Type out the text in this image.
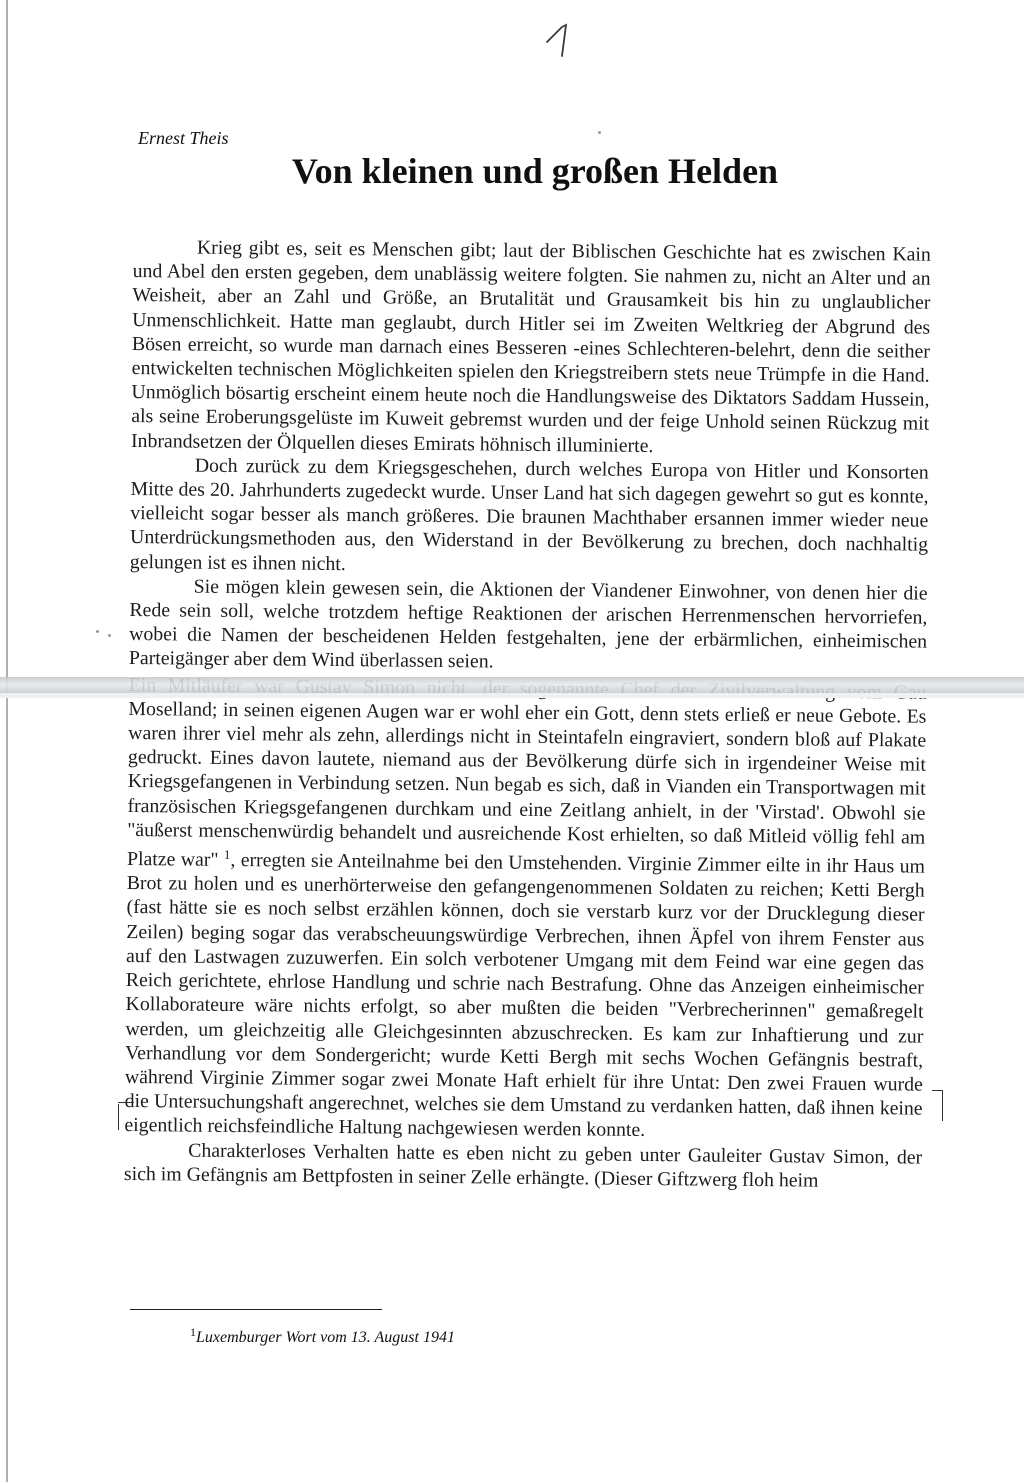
Ernest Theis
Von kleinen und großen Helden

Krieg gibt es, seit es Menschen gibt; laut der Biblischen Geschichte hat es zwischen Kain und Abel den ersten gegeben, dem unablässig weitere folgten. Sie nahmen zu, nicht an Alter und an Weisheit, aber an Zahl und Größe, an Brutalität und Grausamkeit bis hin zu unglaublicher Unmenschlichkeit. Hatte man geglaubt, durch Hitler sei im Zweiten Weltkrieg der Abgrund des Bösen erreicht, so wurde man darnach eines Besseren -eines Schlechteren-belehrt, denn die seither entwickelten technischen Möglichkeiten spielen den Kriegstreibern stets neue Trümpfe in die Hand. Unmöglich bösartig erscheint einem heute noch die Handlungsweise des Diktators Saddam Hussein, als seine Eroberungsgelüste im Kuweit gebremst wurden und der feige Unhold seinen Rückzug mit Inbrandsetzen der Ölquellen dieses Emirats höhnisch illuminierte.

Doch zurück zu dem Kriegsgeschehen, durch welches Europa von Hitler und Konsorten Mitte des 20. Jahrhunderts zugedeckt wurde. Unser Land hat sich dagegen gewehrt so gut es konnte, vielleicht sogar besser als manch größeres. Die braunen Machthaber ersannen immer wieder neue Unterdrückungsmethoden aus, den Widerstand in der Bevölkerung zu brechen, doch nachhaltig gelungen ist es ihnen nicht.

Sie mögen klein gewesen sein, die Aktionen der Viandener Einwohner, von denen hier die Rede sein soll, welche trotzdem heftige Reaktionen der arischen Herrenmenschen hervorriefen, wobei die Namen der bescheidenen Helden festgehalten, jene der erbärmlichen, einheimischen Parteigänger aber dem Wind überlassen seien.

Moselland; in seinen eigenen Augen war er wohl eher ein Gott, denn stets erließ er neue Gebote. Es waren ihrer viel mehr als zehn, allerdings nicht in Steintafeln eingraviert, sondern bloß auf Plakate gedruckt. Eines davon lautete, niemand aus der Bevölkerung dürfe sich in irgendeiner Weise mit Kriegsgefangenen in Verbindung setzen. Nun begab es sich, daß in Vianden ein Transportwagen mit französischen Kriegsgefangenen durchkam und eine Zeitlang anhielt, in der 'Virstad'. Obwohl sie "äußerst menschenwürdig behandelt und ausreichende Kost erhielten, so daß Mitleid völlig fehl am Platze war" $^1$, erregten sie Anteilnahme bei den Umstehenden. Virginie Zimmer eilte in ihr Haus um Brot zu holen und es unerhörterweise den gefangengenommenen Soldaten zu reichen; Ketti Bergh (fast hätte sie es noch selbst erzählen können, doch sie verstarb kurz vor der Drucklegung dieser Zeilen) beging sogar das verabscheuungswürdige Verbrechen, ihnen Äpfel von ihrem Fenster aus auf den Lastwagen zuzuwerfen. Ein solch verbotener Umgang mit dem Feind war eine gegen das Reich gerichtete, ehrlose Handlung und schrie nach Bestrafung. Ohne das Anzeigen einheimischer Kollaborateure wäre nichts erfolgt, so aber mußten die beiden "Verbrecherinnen" gemaßregelt werden, um gleichzeitig alle Gleichgesinnten abzuschrecken. Es kam zur Inhaftierung und zur Verhandlung vor dem Sondergericht; wurde Ketti Bergh mit sechs Wochen Gefängnis bestraft, während Virginie Zimmer sogar zwei Monate Haft erhielt für ihre Untat: Den zwei Frauen wurde die Untersuchungshaft angerechnet, welches sie dem Umstand zu verdanken hatten, daß ihnen keine eigentlich reichsfeindliche Haltung nachgewiesen werden konnte.

Charakterloses Verhalten hatte es eben nicht zu geben unter Gauleiter Gustav Simon, der sich im Gefängnis am Bettpfosten in seiner Zelle erhängte. (Dieser Giftzwerg floh heim

$^1$Luxemburger Wort vom 13. August 1941
